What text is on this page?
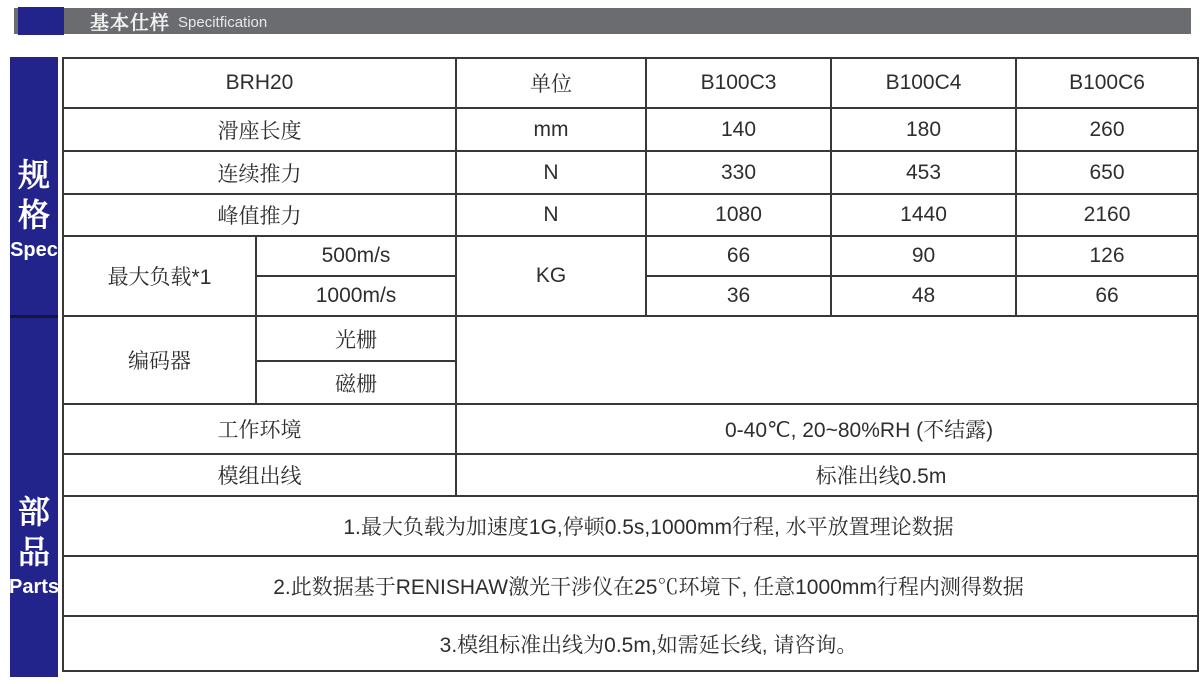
基本仕样 Specitfication
规
格
Spec
部
品
Parts
BRH20		单位	B100C3	B100C4	B100C6
滑座长度		mm	140	180	260
连续推力		N	330	453	650
峰值推力		N	1080	1440	2160
最大负载*1	500m/s	KG	66	90	126
	1000m/s		36	48	66
编码器	光栅				
	磁栅				
工作环境		0-40℃, 20~80%RH (不结露)			
模组出线		标准出线0.5m			
1.最大负载为加速度1G,停顿0.5s,1000mm行程, 水平放置理论数据					
2.此数据基于RENISHAW激光干涉仪在25℃环境下, 任意1000mm行程内测得数据					
3.模组标准出线为0.5m,如需延长线, 请咨询。					
